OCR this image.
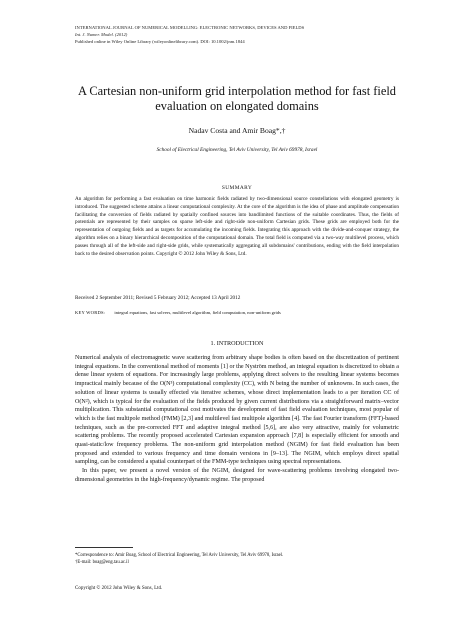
INTERNATIONAL JOURNAL OF NUMERICAL MODELLING: ELECTRONIC NETWORKS, DEVICES AND FIELDS
Int. J. Numer. Model. (2012)
Published online in Wiley Online Library (wileyonlinelibrary.com). DOI: 10.1002/jnm.1844
A Cartesian non-uniform grid interpolation method for fast field
evaluation on elongated domains
Nadav Costa and Amir Boag*,†
School of Electrical Engineering, Tel Aviv University, Tel Aviv 69978, Israel
SUMMARY
An algorithm for performing a fast evaluation on time harmonic fields radiated by two-dimensional source constellations with elongated geometry is introduced. The suggested scheme attains a linear computational complexity. At the core of the algorithm is the idea of phase and amplitude compensation facilitating the conversion of fields radiated by spatially confined sources into bandlimited functions of the suitable coordinates. Thus, the fields of potentials are represented by their samples on sparse left-side and right-side non-uniform Cartesian grids. These grids are employed both for the representation of outgoing fields and as targets for accumulating the incoming fields. Integrating this approach with the divide-and-conquer strategy, the algorithm relies on a binary hierarchical decomposition of the computational domain. The total field is computed via a two-way multilevel process, which passes through all of the left-side and right-side grids, while systematically aggregating all subdomains' contributions, ending with the field interpolation back to the desired observation points. Copyright © 2012 John Wiley & Sons, Ltd.
Received 2 September 2011; Revised 5 February 2012; Accepted 13 April 2012
KEY WORDS: integral equations, fast solvers, multilevel algorithm, field computation, non-uniform grids
1. INTRODUCTION

Numerical analysis of electromagnetic wave scattering from arbitrary shape bodies is often based on the discretization of pertinent integral equations. In the conventional method of moments [1] or the Nyström method, an integral equation is discretized to obtain a dense linear system of equations. For increasingly large problems, applying direct solvers to the resulting linear systems becomes impractical mainly because of the O(N³) computational complexity (CC), with N being the number of unknowns. In such cases, the solution of linear systems is usually effected via iterative schemes, whose direct implementation leads to a per iteration CC of O(N²), which is typical for the evaluation of the fields produced by given current distributions via a straightforward matrix–vector multiplication. This substantial computational cost motivates the development of fast field evaluation techniques, most popular of which is the fast multipole method (FMM) [2,3] and multilevel fast multipole algorithm [4]. The fast Fourier transform (FFT)-based techniques, such as the pre-corrected FFT and adaptive integral method [5,6], are also very attractive, mainly for volumetric scattering problems. The recently proposed accelerated Cartesian expansion approach [7,8] is especially efficient for smooth and quasi-static/low frequency problems. The non-uniform grid interpolation method (NGIM) for fast field evaluation has been proposed and extended to various frequency and time domain versions in [9–13]. The NGIM, which employs direct spatial sampling, can be considered a spatial counterpart of the FMM-type techniques using spectral representations.

In this paper, we present a novel version of the NGIM, designed for wave-scattering problems involving elongated two-dimensional geometries in the high-frequency/dynamic regime. The proposed

*Correspondence to: Amir Boag, School of Electrical Engineering, Tel Aviv University, Tel Aviv 69978, Israel.
†E-mail: boag@eng.tau.ac.il
Copyright © 2012 John Wiley & Sons, Ltd.
